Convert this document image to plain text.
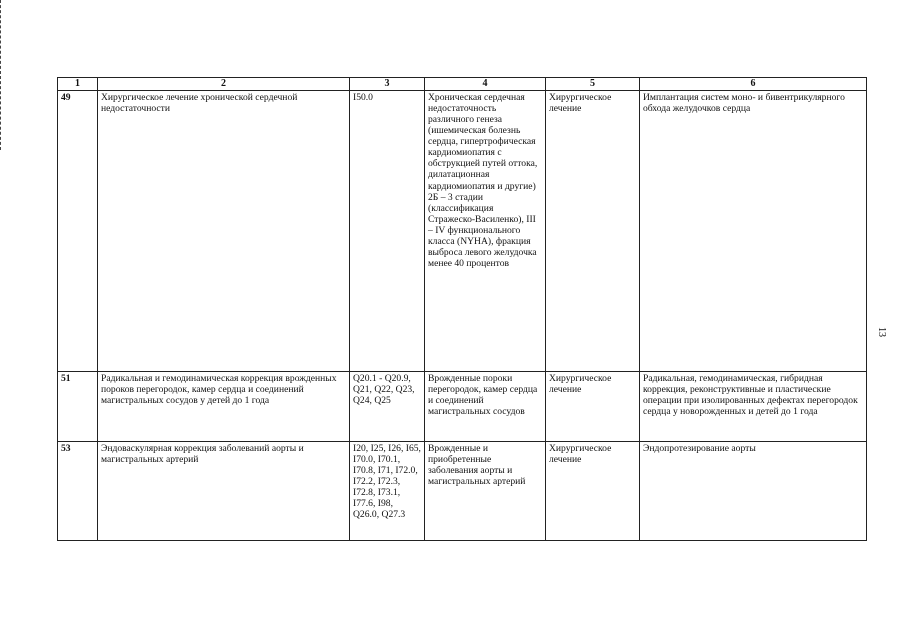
1	2	3	4	5	6
49	Хирургическое лечение хронической сердечной недостаточности	I50.0	Хроническая сердечная недостаточность различного генеза (ишемическая болезнь сердца, гипертрофическая кардиомиопатия с обструкцией путей оттока, дилатационная кардиомиопатия и другие) 2Б – 3 стадии (классификация Стражеско-Василенко), III – IV функционального класса (NYHA), фракция выброса левого желудочка менее 40 процентов	Хирургическое лечение	Имплантация систем моно- и бивентрикулярного обхода желудочков сердца
51	Радикальная и гемодинамическая коррекция врожденных пороков перегородок, камер сердца и соединений магистральных сосудов у детей до 1 года	Q20.1 - Q20.9, Q21, Q22, Q23, Q24, Q25	Врожденные пороки перегородок, камер сердца и соединений магистральных сосудов	Хирургическое лечение	Радикальная, гемодинамическая, гибридная коррекция, реконструктивные и пластические операции при изолированных дефектах перегородок сердца у новорожденных и детей до 1 года
53	Эндоваскулярная коррекция заболеваний аорты и магистральных артерий	I20, I25, I26, I65, I70.0, I70.1, I70.8, I71, I72.0, I72.2, I72.3, I72.8, I73.1, I77.6, I98, Q26.0, Q27.3	Врожденные и приобретенные заболевания аорты и магистральных артерий	Хирургическое лечение	Эндопротезирование аорты
13
